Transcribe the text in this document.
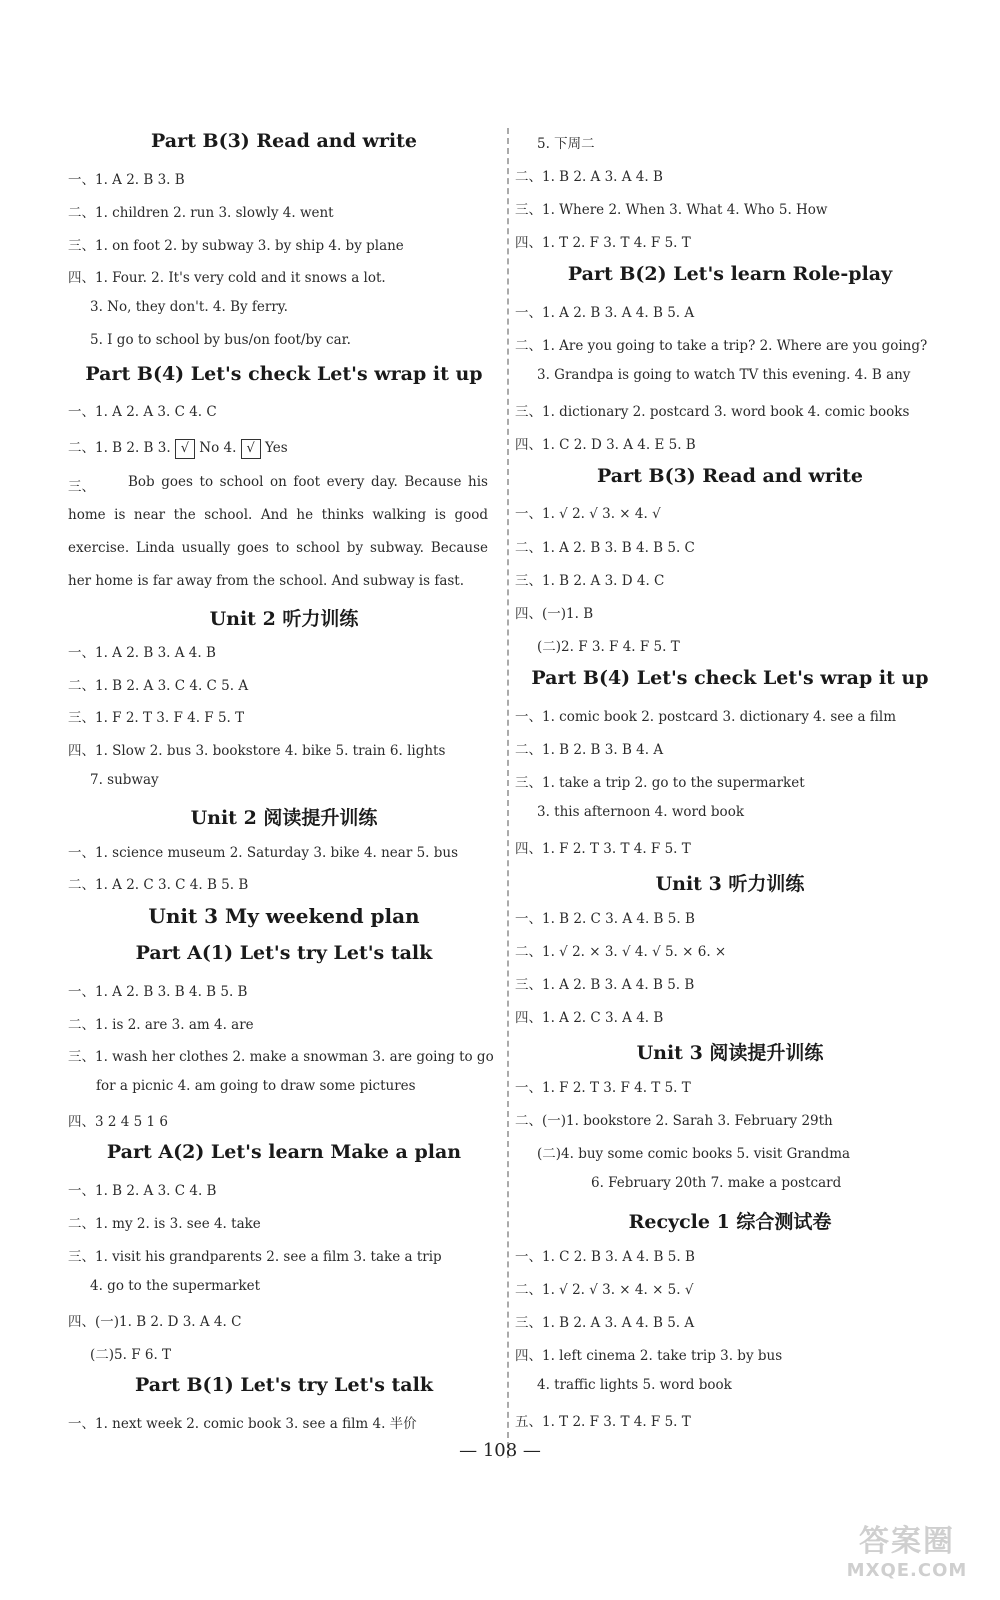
Part B(3) Read and write
一、1. A 2. B 3. B
二、1. children 2. run 3. slowly 4. went
三、1. on foot 2. by subway 3. by ship 4. by plane
四、1. Four. 2. It's very cold and it snows a lot.
3. No, they don't. 4. By ferry.
5. I go to school by bus/on foot/by car.
Part B(4) Let's check Let's wrap it up
一、1. A 2. A 3. C 4. C
二、1. B 2. B 3. √ No 4. √ Yes
三、	Bob goes to school on foot every day. Because his home is near the school. And he thinks walking is good exercise. Linda usually goes to school by subway. Because her home is far away from the school. And subway is fast.
Unit 2 听力训练
一、1. A 2. B 3. A 4. B
二、1. B 2. A 3. C 4. C 5. A
三、1. F 2. T 3. F 4. F 5. T
四、1. Slow 2. bus 3. bookstore 4. bike 5. train 6. lights
7. subway
Unit 2 阅读提升训练
一、1. science museum 2. Saturday 3. bike 4. near 5. bus
二、1. A 2. C 3. C 4. B 5. B
Unit 3 My weekend plan
Part A(1) Let's try Let's talk
一、1. A 2. B 3. B 4. B 5. B
二、1. is 2. are 3. am 4. are
三、1. wash her clothes 2. make a snowman 3. are going to go
for a picnic 4. am going to draw some pictures
四、3 2 4 5 1 6
Part A(2) Let's learn Make a plan
一、1. B 2. A 3. C 4. B
二、1. my 2. is 3. see 4. take
三、1. visit his grandparents 2. see a film 3. take a trip
4. go to the supermarket
四、(一)1. B 2. D 3. A 4. C
(二)5. F 6. T
Part B(1) Let's try Let's talk
一、1. next week 2. comic book 3. see a film 4. 半价
5. 下周二
二、1. B 2. A 3. A 4. B
三、1. Where 2. When 3. What 4. Who 5. How
四、1. T 2. F 3. T 4. F 5. T
Part B(2) Let's learn Role-play
一、1. A 2. B 3. A 4. B 5. A
二、1. Are you going to take a trip? 2. Where are you going?
3. Grandpa is going to watch TV this evening. 4. B any
三、1. dictionary 2. postcard 3. word book 4. comic books
四、1. C 2. D 3. A 4. E 5. B
Part B(3) Read and write
一、1. √ 2. √ 3. × 4. √
二、1. A 2. B 3. B 4. B 5. C
三、1. B 2. A 3. D 4. C
四、(一)1. B
(二)2. F 3. F 4. F 5. T
Part B(4) Let's check Let's wrap it up
一、1. comic book 2. postcard 3. dictionary 4. see a film
二、1. B 2. B 3. B 4. A
三、1. take a trip 2. go to the supermarket
3. this afternoon 4. word book
四、1. F 2. T 3. T 4. F 5. T
Unit 3 听力训练
一、1. B 2. C 3. A 4. B 5. B
二、1. √ 2. × 3. √ 4. √ 5. × 6. ×
三、1. A 2. B 3. A 4. B 5. B
四、1. A 2. C 3. A 4. B
Unit 3 阅读提升训练
一、1. F 2. T 3. F 4. T 5. T
二、(一)1. bookstore 2. Sarah 3. February 29th
(二)4. buy some comic books 5. visit Grandma
6. February 20th 7. make a postcard
Recycle 1 综合测试卷
一、1. C 2. B 3. A 4. B 5. B
二、1. √ 2. √ 3. × 4. × 5. √
三、1. B 2. A 3. A 4. B 5. A
四、1. left cinema 2. take trip 3. by bus
4. traffic lights 5. word book
五、1. T 2. F 3. T 4. F 5. T
— 108 —
答案圈
MXQE.COM
